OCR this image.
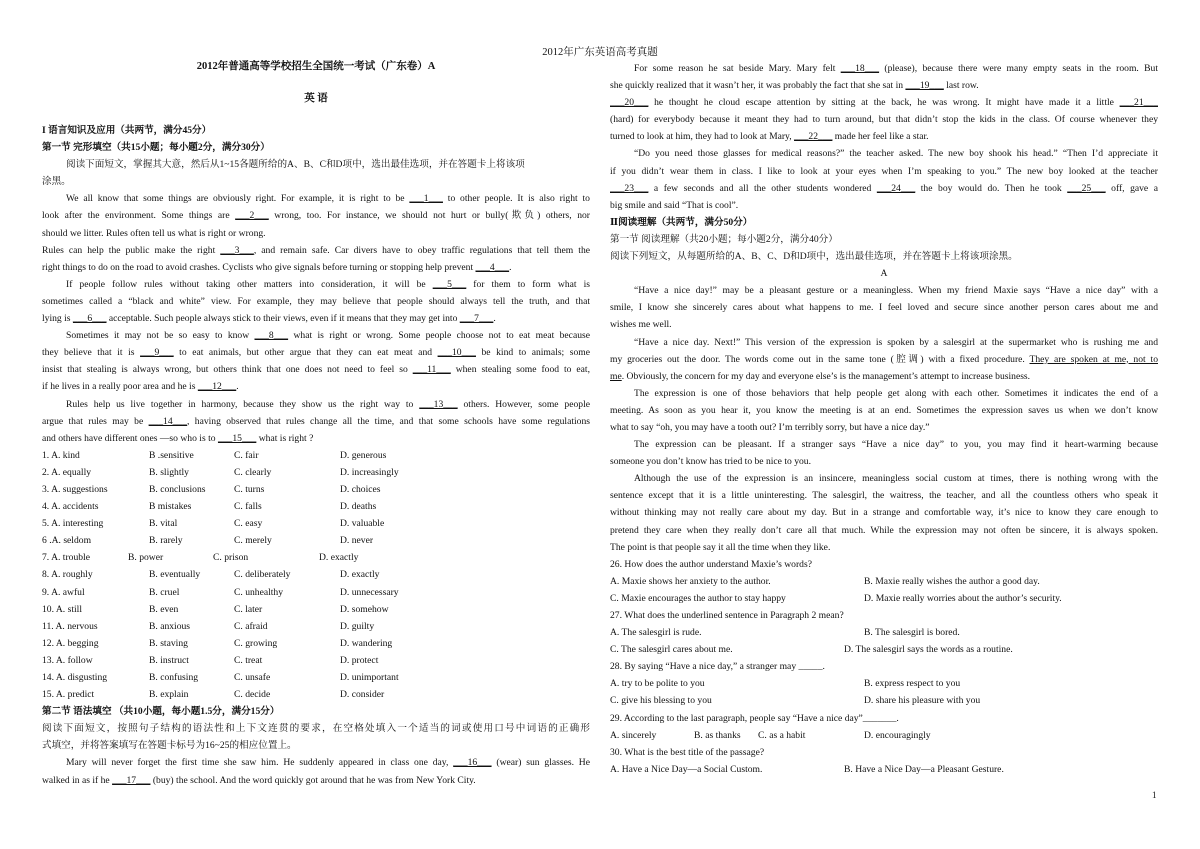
2012年广东英语高考真题
2012年普通高等学校招生全国统一考试（广东卷）A
英 语
I 语言知识及应用（共两节，满分45分）
第一节 完形填空（共15小题；每小题2分，满分30分）
阅读下面短文，掌握其大意，然后从1~15各题所给的A、B、C和D项中，选出最佳选项，并在答题卡上将该项
涂黑。
We all know that some things are obviously right. For example, it is right to be ___1___ to other people. It is also right to
look after the environment. Some things are ___2___ wrong, too. For instance, we should not hurt or bully(欺负) others, nor
should we litter. Rules often tell us what is right or wrong.
Rules can help the public make the right ___3___, and remain safe. Car divers have to obey traffic regulations that tell them the
right things to do on the road to avoid crashes. Cyclists who give signals before turning or stopping help prevent ___4___.
If people follow rules without taking other matters into consideration, it will be ___5___ for them to form what is
sometimes called a “black and white” view. For example, they may believe that people should always tell the truth, and that
lying is ___6___ acceptable. Such people always stick to their views, even if it means that they may get into ___7___.
Sometimes it may not be so easy to know ___8___ what is right or wrong. Some people choose not to eat meat because
they believe that it is ___9___ to eat animals, but other argue that they can eat meat and ___10___ be kind to animals; some
insist that stealing is always wrong, but others think that one does not need to feel so ___11___ when stealing some food to eat,
if he lives in a really poor area and he is ___12___.
Rules help us live together in harmony, because they show us the right way to ___13___ others. However, some people
argue that rules may be ___14___, having observed that rules change all the time, and that some schools have some regulations
and others have different ones —so who is to ___15___ what is right ?
1. A. kind	B .sensitive	C. fair	D. generous
2. A. equally	B. slightly	C. clearly	D. increasingly
3. A. suggestions	B. conclusions	C. turns	D. choices
4. A. accidents	B mistakes	C. falls	D. deaths
5. A. interesting	B. vital	C. easy	D. valuable
6 .A. seldom	B. rarely	C. merely	D. never
7. A. trouble	B. power	C. prison	D. exactly
8. A. roughly	B. eventually	C. deliberately	D. exactly
9. A. awful	B. cruel	C. unhealthy	D. unnecessary
10. A. still	B. even	C. later	D. somehow
11. A. nervous	B. anxious	C. afraid	D. guilty
12. A. begging	B. staving	C. growing	D. wandering
13. A. follow	B. instruct	C. treat	D. protect
14. A. disgusting	B. confusing	C. unsafe	D. unimportant
15. A. predict	B. explain	C. decide	D. consider
第二节 语法填空 （共10小题，每小题1.5分，满分15分）
阅读下面短文，按照句子结构的语法性和上下文连贯的要求，在空格处填入一个适当的词或使用口号中词语的正确形
式填空，并将答案填写在答题卡标号为16~25的相应位置上。
Mary will never forget the first time she saw him. He suddenly appeared in class one day, ___16___ (wear) sun glasses. He
walked in as if he ___17___ (buy) the school. And the word quickly got around that he was from New York City.
For some reason he sat beside Mary. Mary felt ___18___ (please), because there were many empty seats in the room. But
she quickly realized that it wasn’t her, it was probably the fact that she sat in ___19___ last row.
___20___ he thought he cloud escape attention by sitting at the back, he was wrong. It might have made it a little ___21___
(hard) for everybody because it meant they had to turn around, but that didn’t stop the kids in the class. Of course whenever they
turned to look at him, they had to look at Mary, ___22___ made her feel like a star.
“Do you need those glasses for medical reasons?” the teacher asked. The new boy shook his head.” “Then I’d appreciate it
if you didn’t wear them in class. I like to look at your eyes when I’m speaking to you.” The new boy looked at the teacher
___23___ a few seconds and all the other students wondered ___24___ the boy would do. Then he took ___25___ off, gave a
big smile and said “That is cool”.
Ⅱ阅读理解（共两节，满分50分）
第一节 阅读理解（共20小题；每小题2分，满分40分）
阅读下列短文，从每题所给的A、B、C、D和D项中，选出最佳选项，并在答题卡上将该项涂黑。
A
“Have a nice day!” may be a pleasant gesture or a meaningless. When my friend Maxie says “Have a nice day” with a
smile, I know she sincerely cares about what happens to me. I feel loved and secure since another person cares about me and
wishes me well.
“Have a nice day. Next!” This version of the expression is spoken by a salesgirl at the supermarket who is rushing me and
my groceries out the door. The words come out in the same tone (腔调) with a fixed procedure. They are spoken at me, not to
me. Obviously, the concern for my day and everyone else’s is the management’s attempt to increase business.
The expression is one of those behaviors that help people get along with each other. Sometimes it indicates the end of a
meeting. As soon as you hear it, you know the meeting is at an end. Sometimes the expression saves us when we don’t know
what to say “oh, you may have a tooth out? I’m terribly sorry, but have a nice day.”
The expression can be pleasant. If a stranger says “Have a nice day” to you, you may find it heart-warming because
someone you don’t know has tried to be nice to you.
Although the use of the expression is an insincere, meaningless social custom at times, there is nothing wrong with the
sentence except that it is a little uninteresting. The salesgirl, the waitress, the teacher, and all the countless others who speak it
without thinking may not really care about my day. But in a strange and comfortable way, it’s nice to know they care enough to
pretend they care when they really don’t care all that much. While the expression may not often be sincere, it is always spoken.
The point is that people say it all the time when they like.
26. How does the author understand Maxie’s words?
A. Maxie shows her anxiety to the author.	B. Maxie really wishes the author a good day.
C. Maxie encourages the author to stay happy	D. Maxie really worries about the author’s security.
27. What does the underlined sentence in Paragraph 2 mean?
A. The salesgirl is rude.	B. The salesgirl is bored.
C. The salesgirl cares about me.	D. The salesgirl says the words as a routine.
28. By saying “Have a nice day,” a stranger may _____.
A. try to be polite to you	B. express respect to you
C. give his blessing to you	D. share his pleasure with you
29. According to the last paragraph, people say “Have a nice day”_______.
A. sincerely	B. as thanks C. as a habit	D. encouragingly
30. What is the best title of the passage?
A. Have a Nice Day—a Social Custom.	B. Have a Nice Day—a Pleasant Gesture.
1
